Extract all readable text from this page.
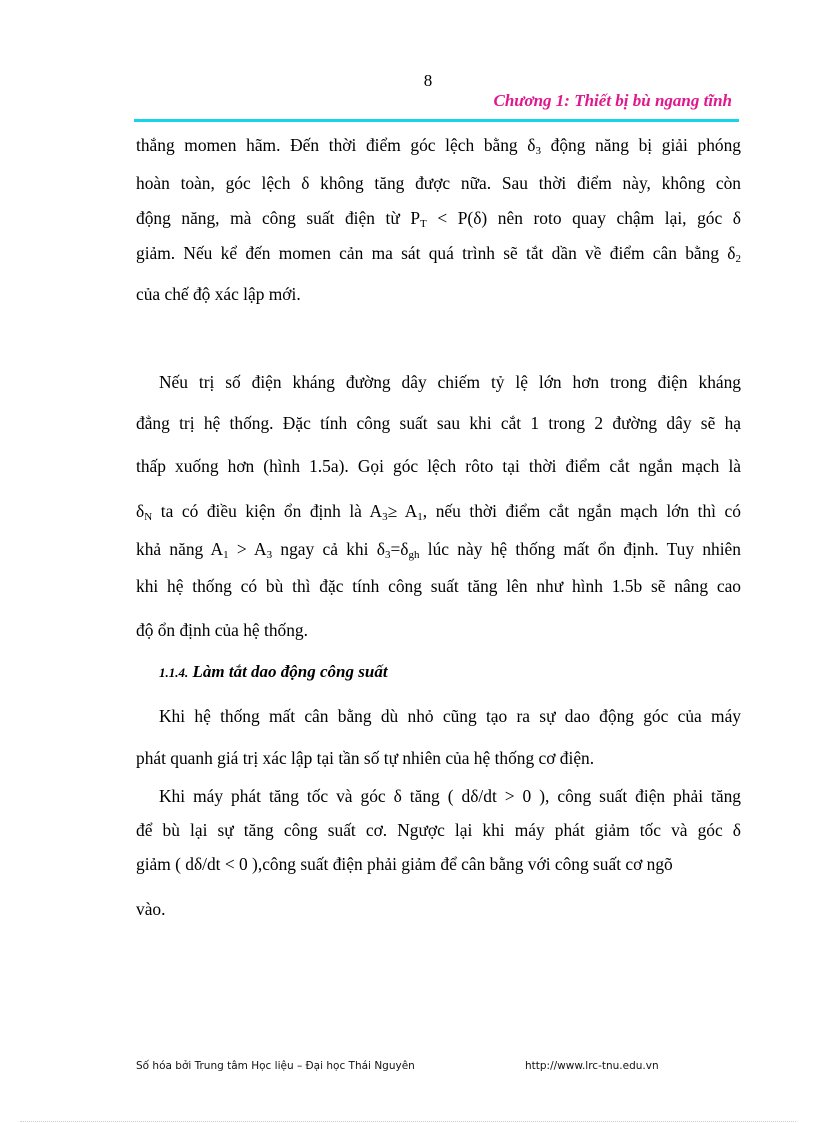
8
Chương 1: Thiết bị bù ngang tĩnh
thắng momen hãm. Đến thời điểm góc lệch bằng $\delta_3$ động năng bị giải phóng
hoàn toàn, góc lệch δ không tăng được nữa. Sau thời điểm này, không còn
động năng, mà công suất điện từ $P_T < P(\delta)$ nên roto quay chậm lại, góc δ
giảm. Nếu kể đến momen cản ma sát quá trình sẽ tắt dần về điểm cân bằng $\delta_2$
của chế độ xác lập mới.
Nếu trị số điện kháng đường dây chiếm tỷ lệ lớn hơn trong điện kháng
đẳng trị hệ thống. Đặc tính công suất sau khi cắt 1 trong 2 đường dây sẽ hạ
thấp xuống hơn (hình 1.5a). Gọi góc lệch rôto tại thời điểm cắt ngắn mạch là
$\delta_N$ ta có điều kiện ổn định là $A_3\ge A_1$, nếu thời điểm cắt ngắn mạch lớn thì có
khả năng $A_1 > A_3$ ngay cả khi $\delta_3=\delta_{gh}$ lúc này hệ thống mất ổn định. Tuy nhiên
khi hệ thống có bù thì đặc tính công suất tăng lên như hình 1.5b sẽ nâng cao
độ ổn định của hệ thống.
1.1.4. Làm tắt dao động công suất
Khi hệ thống mất cân bằng dù nhỏ cũng tạo ra sự dao động góc của máy
phát quanh giá trị xác lập tại tần số tự nhiên của hệ thống cơ điện.
Khi máy phát tăng tốc và góc δ tăng ( dδ/dt > 0 ), công suất điện phải tăng
để bù lại sự tăng công suất cơ. Ngược lại khi máy phát giảm tốc và góc δ
giảm ( dδ/dt < 0 ),công suất điện phải giảm để cân bằng với công suất cơ ngõ
vào.
Số hóa bởi Trung tâm Học liệu – Đại học Thái Nguyên	http://www.lrc-tnu.edu.vn
